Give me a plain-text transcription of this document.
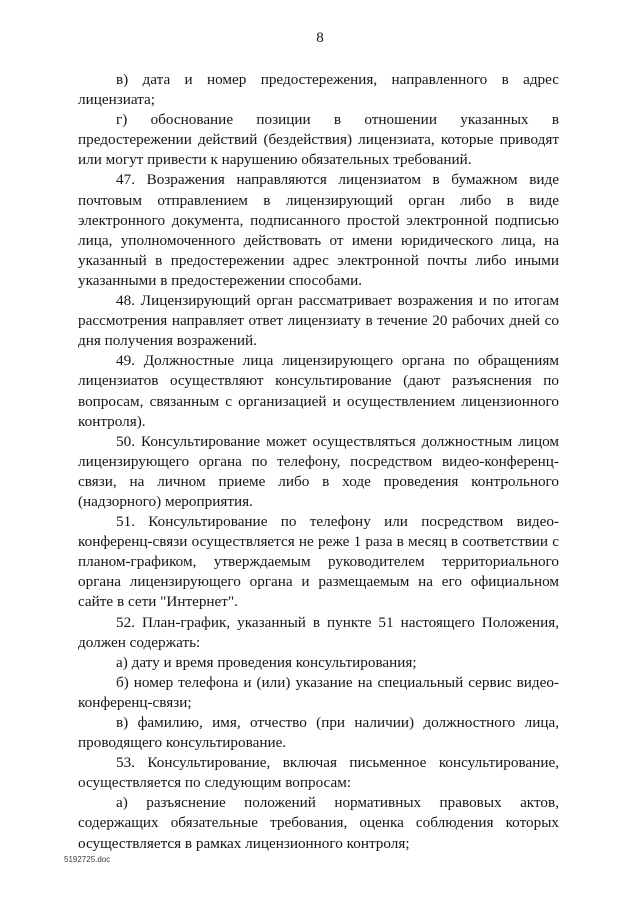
8

в) дата и номер предостережения, направленного в адрес лицензиата;

г) обоснование позиции в отношении указанных в предостережении действий (бездействия) лицензиата, которые приводят или могут привести к нарушению обязательных требований.

47. Возражения направляются лицензиатом в бумажном виде почтовым отправлением в лицензирующий орган либо в виде электронного документа, подписанного простой электронной подписью лица, уполномоченного действовать от имени юридического лица, на указанный в предостережении адрес электронной почты либо иными указанными в предостережении способами.

48. Лицензирующий орган рассматривает возражения и по итогам рассмотрения направляет ответ лицензиату в течение 20 рабочих дней со дня получения возражений.

49. Должностные лица лицензирующего органа по обращениям лицензиатов осуществляют консультирование (дают разъяснения по вопросам, связанным с организацией и осуществлением лицензионного контроля).

50. Консультирование может осуществляться должностным лицом лицензирующего органа по телефону, посредством видео-конференц-связи, на личном приеме либо в ходе проведения контрольного (надзорного) мероприятия.

51. Консультирование по телефону или посредством видео-конференц-связи осуществляется не реже 1 раза в месяц в соответствии с планом-графиком, утверждаемым руководителем территориального органа лицензирующего органа и размещаемым на его официальном сайте в сети "Интернет".

52. План-график, указанный в пункте 51 настоящего Положения, должен содержать:

а) дату и время проведения консультирования;

б) номер телефона и (или) указание на специальный сервис видео-конференц-связи;

в) фамилию, имя, отчество (при наличии) должностного лица, проводящего консультирование.

53. Консультирование, включая письменное консультирование, осуществляется по следующим вопросам:

а) разъяснение положений нормативных правовых актов, содержащих обязательные требования, оценка соблюдения которых осуществляется в рамках лицензионного контроля;

5192725.doc
